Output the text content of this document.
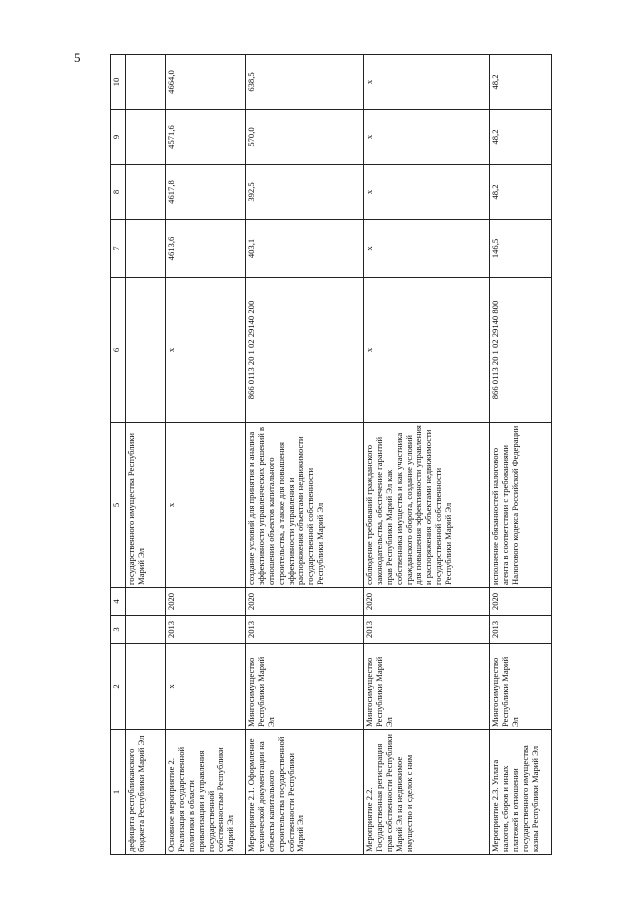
5
1	2	3	4	5	6	7	8	9	10
дефицита республиканского бюджета Республики Марий Эл				государственного имущества Республики Марий Эл					
Основное мероприятие 2. Реализация государственной политики в области приватизации и управления государственной собственностью Республики Марий Эл	х	2013	2020	х	х	4613,6	4617,8	4571,6	4664,0
Мероприятие 2.1. Оформление технической документации на объекты капитального строительства государственной собственности Республики Марий Эл	Мингосимущество Республики Марий Эл	2013	2020	создание условий для принятия и анализа эффективности управленческих решений в отношении объектов капитального строительства, а также для повышения эффективности управления и распоряжения объектами недвижимости государственной собственности Республики Марий Эл	866 0113 20 1 02 29140 200	403,1	392,5	570,0	638,5
Мероприятие 2.2. Государственная регистрация прав собственности Республики Марий Эл на недвижимое имущество и сделок с ним	Мингосимущество Республики Марий Эл	2013	2020	соблюдение требований гражданского законодательства, обеспечение гарантий прав Республики Марий Эл как собственника имущества и как участника гражданского оборота, создание условий для повышения эффективности управления и распоряжения объектами недвижимости государственной собственности Республики Марий Эл	х	х	х	х	х
Мероприятие 2.3. Уплата налогов, сборов и иных платежей в отношении государственного имущества казны Республики Марий Эл	Мингосимущество Республики Марий Эл	2013	2020	исполнение обязанностей налогового агента в соответствии с требованиями Налогового кодекса Российской Федерации	866 0113 20 1 02 29140 800	146,5	48,2	48,2	48,2
